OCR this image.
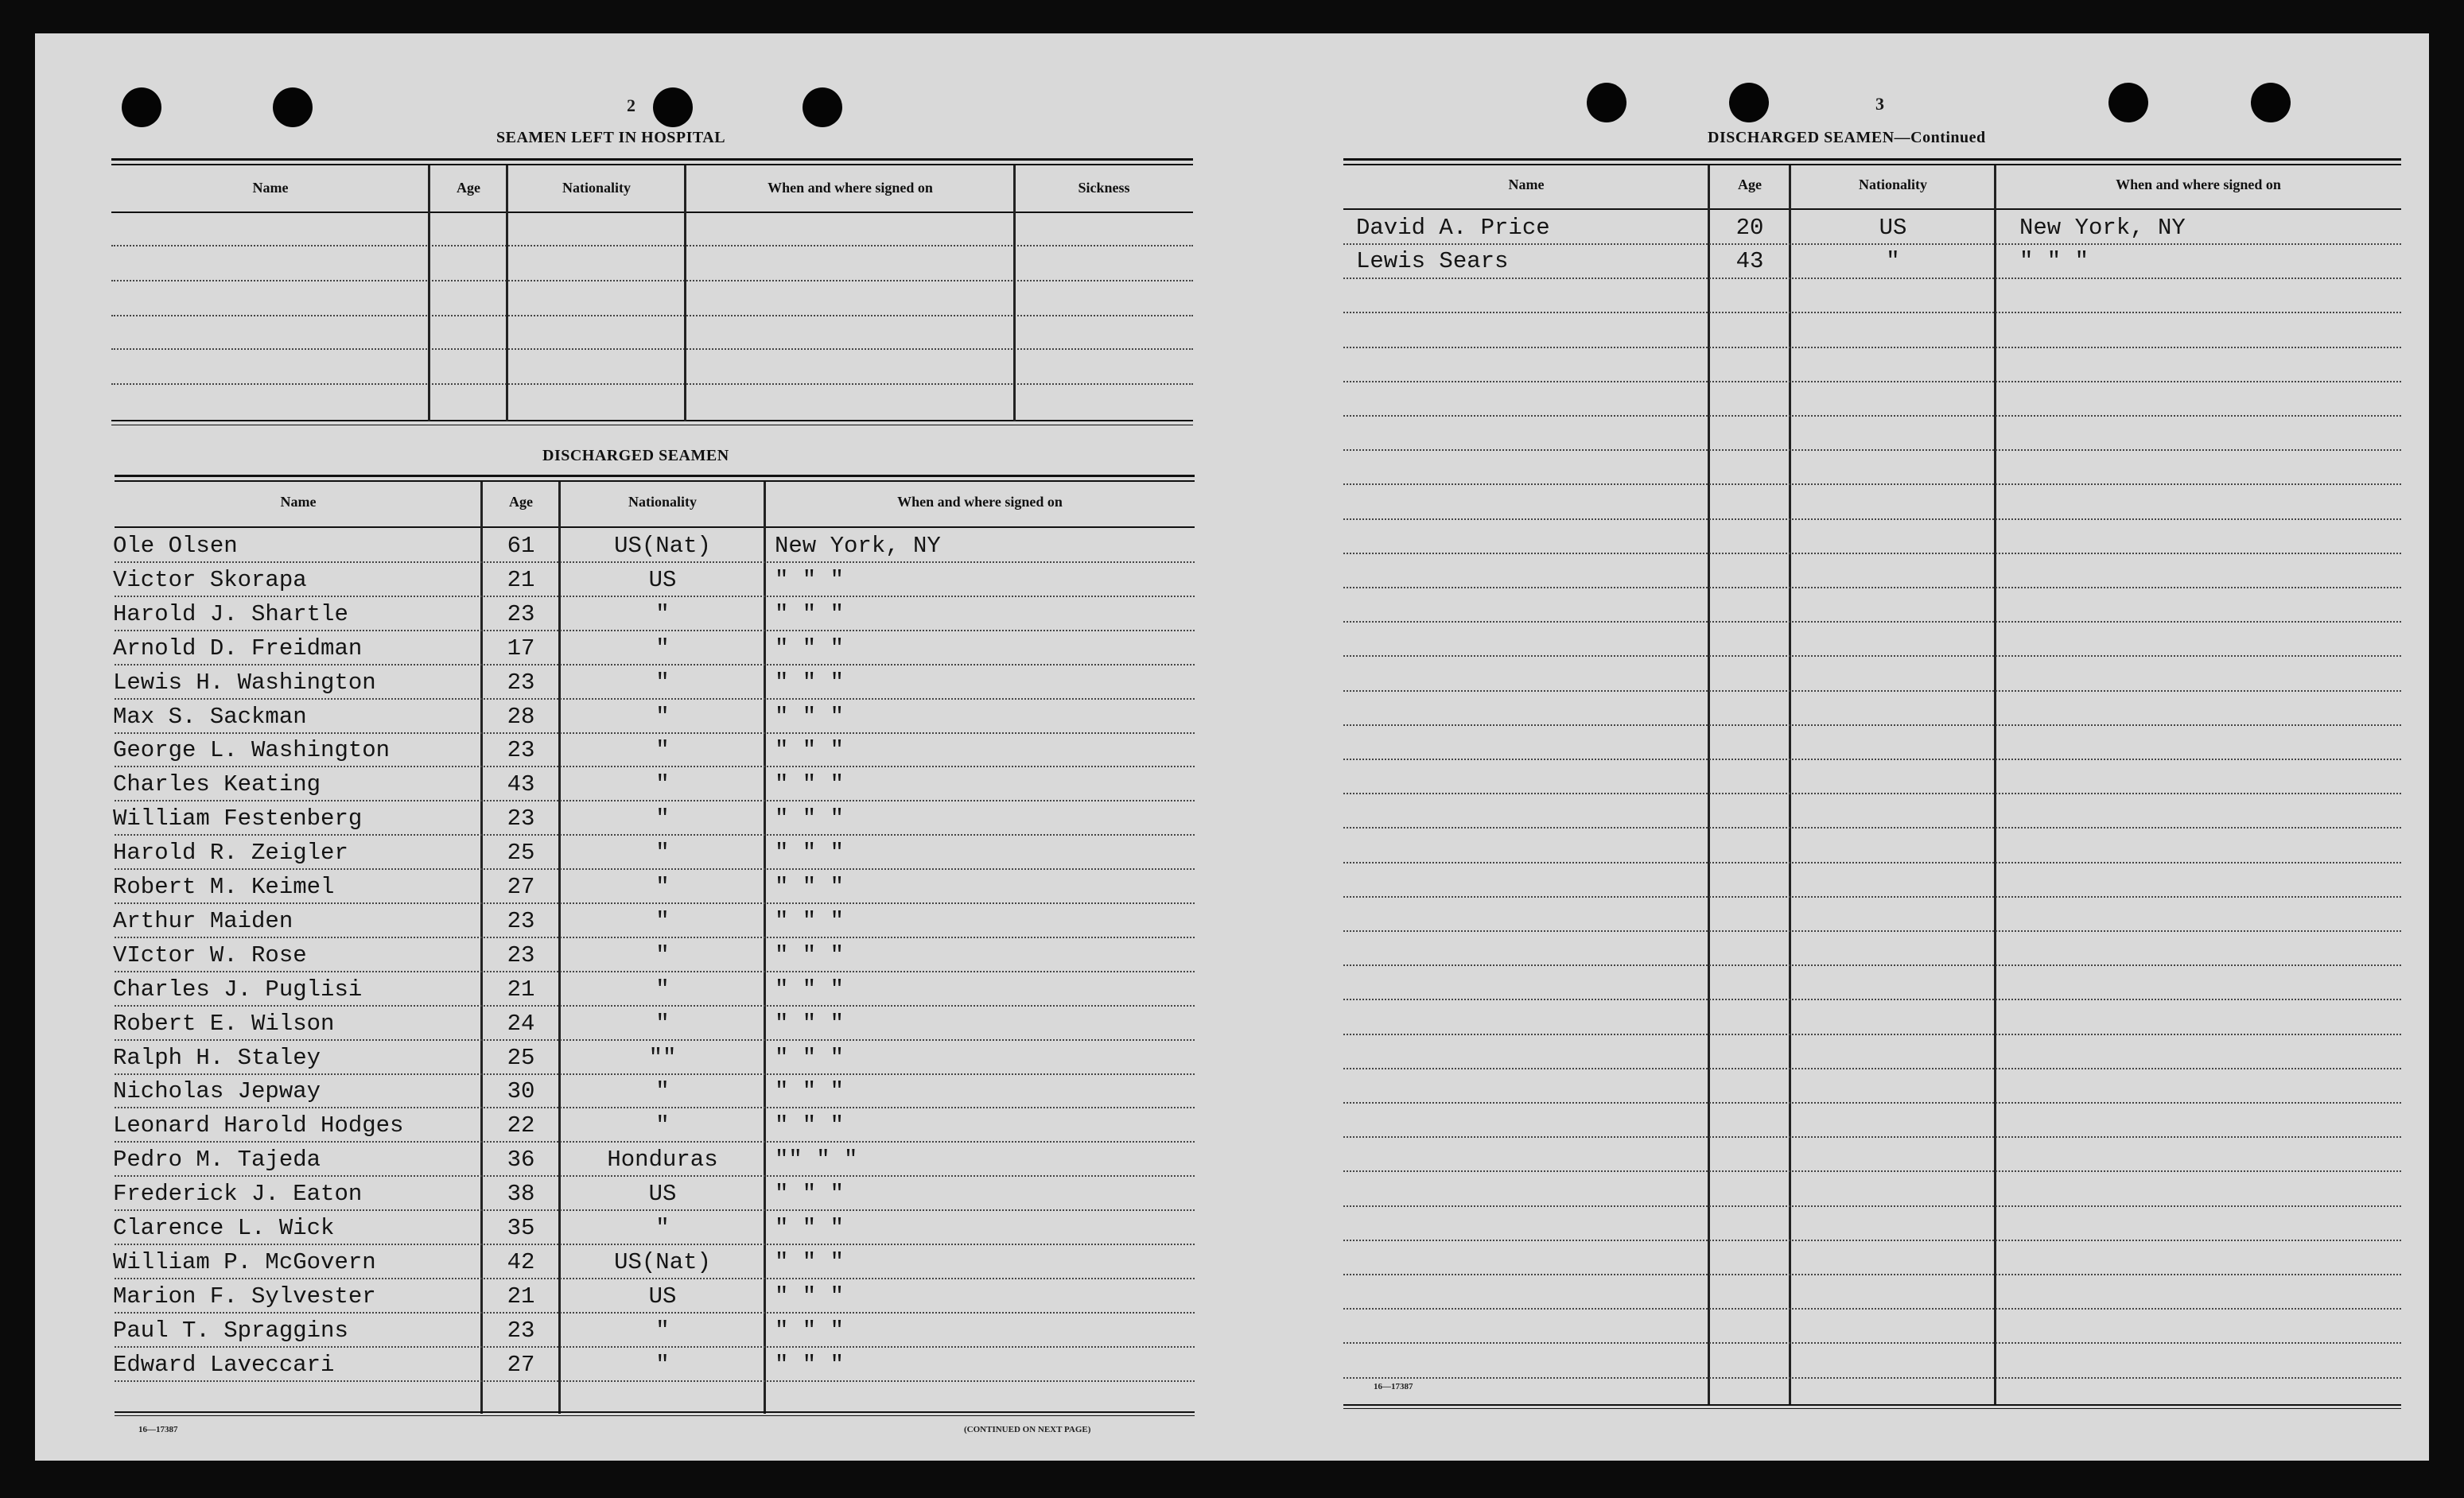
2
SEAMEN LEFT IN HOSPITAL
Name	Age	Nationality	When and where signed on	Sickness
DISCHARGED SEAMEN
Name	Age	Nationality	When and where signed on
Ole Olsen	61	US(Nat)	New York, NY
Victor Skorapa	21	US	" " "
Harold J. Shartle	23	"	" " "
Arnold D. Freidman	17	"	" " "
Lewis H. Washington	23	"	" " "
Max S. Sackman	28	"	" " "
George L. Washington	23	"	" " "
Charles Keating	43	"	" " "
William Festenberg	23	"	" " "
Harold R. Zeigler	25	"	" " "
Robert M. Keimel	27	"	" " "
Arthur Maiden	23	"	" " "
VIctor W. Rose	23	"	" " "
Charles J. Puglisi	21	"	" " "
Robert E. Wilson	24	"	" " "
Ralph H. Staley	25	""	" " "
Nicholas Jepway	30	"	" " "
Leonard Harold Hodges	22	"	" " "
Pedro M. Tajeda	36	Honduras	"" " "
Frederick J. Eaton	38	US	" " "
Clarence L. Wick	35	"	" " "
William P. McGovern	42	US(Nat)	" " "
Marion F. Sylvester	21	US	" " "
Paul T. Spraggins	23	"	" " "
Edward Laveccari	27	"	" " "
16—17387	(CONTINUED ON NEXT PAGE)
3
DISCHARGED SEAMEN—Continued
Name	Age	Nationality	When and where signed on
David A. Price	20	US	New York, NY
Lewis Sears	43	"	" " "
16—17387
